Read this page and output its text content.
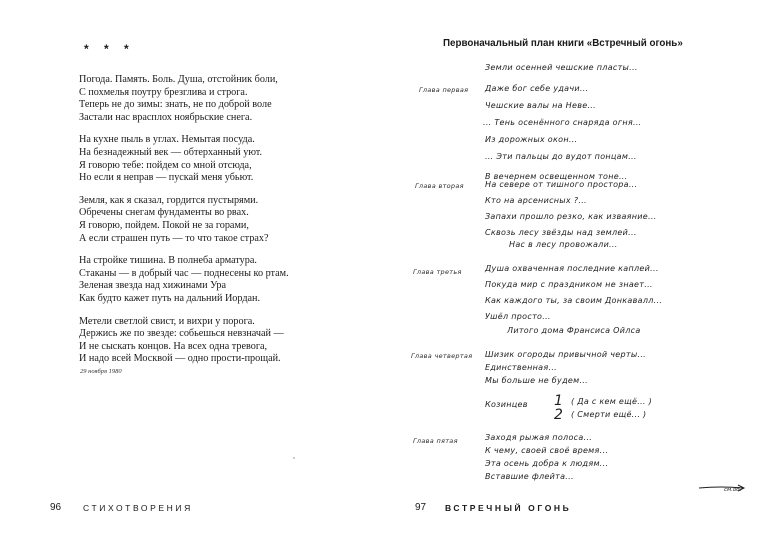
* * *
Погода. Память. Боль. Душа, отстойник боли,
С похмелья поутру брезглива и строга.
Теперь не до зимы: знать, не по доброй воле
Застали нас врасплох ноябрьские снега.
На кухне пыль в углах. Немытая посуда.
На безнадежный век — обтерханный уют.
Я говорю тебе: пойдем со мной отсюда,
Но если я неправ — пускай меня убьют.
Земля, как я сказал, гордится пустырями.
Обречены снегам фундаменты во рвах.
Я говорю, пойдем. Покой не за горами,
А если страшен путь — то что такое страх?
На стройке тишина. В полнеба арматура.
Стаканы — в добрый час — поднесены ко ртам.
Зеленая звезда над хижинами Ура
Как будто кажет путь на дальний Иордан.
Метели светлой свист, и вихри у порога.
Держись же по звезде: собьешься невзначай —
И не сыскать концов. На всех одна тревога,
И надо всей Москвой — одно прости-прощай.
29 ноября 1980
96	СТИХОТВОРЕНИЯ
Первоначальный план книги «Встречный огонь»
Земли осенней чешские пласты...
Глава первая Даже бог себе удачи...
Чешские валы на Неве...
... Тень осенённого снаряда огня...
Из дорожных окон...
... Эти пальцы до вудот понцам...
В вечернем освещенном тоне...
Глава вторая	На севере от тишного простора...
Кто на арсенисных ?...
Запахи прошло резко, как изваяние...
Сквозь лесу звёзды над землей...
Нас в лесу провожали...
Глава третья	Душа охваченная последние каплей...
Покуда мир с праздником не знает...
Как каждого ты, за своим Донкавалл...
Ушёл просто...
Литого дома Франсиса Ойлса
Глава четвертая Шизик огороды привычной черты...
Единственная...
Мы больше не будем...
Козинцев 1 ( Да с кем ещё... )
2 ( Смерти ещё... )
Глава пятая	Заходя рыжая полоса...
К чему, своей своё время...
Эта осень добра к людям...
Вставшие флейта...
см.об.
97 ВСТРЕЧНЫЙ ОГОНЬ
